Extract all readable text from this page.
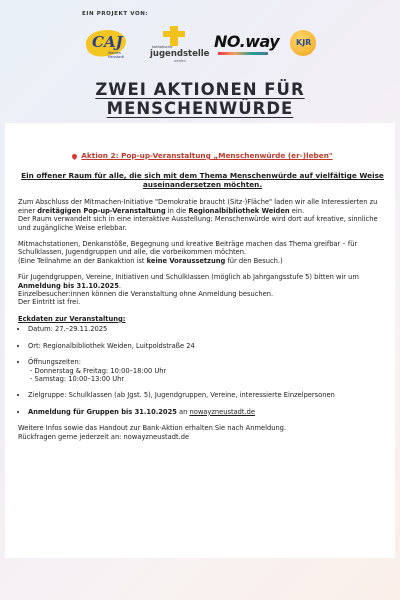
EIN PROJEKT VON:
CAJ
Weiden Neustadt
katholische
jugendstelle
weiden
NO.way KJR
ZWEI AKTIONEN FÜR MENSCHENWÜRDE
Aktion 2: Pop-up-Veranstaltung „Menschenwürde (er-)leben"
Ein offener Raum für alle, die sich mit dem Thema Menschenwürde auf vielfältige Weise auseinandersetzen möchten.

Zum Abschluss der Mitmachen-Initiative "Demokratie braucht (Sitz-)Fläche" laden wir alle Interessierten zu einer dreitägigen Pop-up-Veranstaltung in die Regionalbibliothek Weiden ein.
Der Raum verwandelt sich in eine interaktive Ausstellung: Menschenwürde wird dort auf kreative, sinnliche und zugängliche Weise erlebbar.

Mitmachstationen, Denkanstöße, Begegnung und kreative Beiträge machen das Thema greifbar – für Schulklassen, Jugendgruppen und alle, die vorbeikommen möchten.
(Eine Teilnahme an der Bankaktion ist keine Voraussetzung für den Besuch.)

Für Jugendgruppen, Vereine, Initiativen und Schulklassen (möglich ab Jahrgangsstufe 5) bitten wir um Anmeldung bis 31.10.2025.
Einzelbesucher:innen können die Veranstaltung ohne Anmeldung besuchen.
Der Eintritt ist frei.

Eckdaten zur Veranstaltung:
• Datum: 27.–29.11.2025
• Ort: Regionalbibliothek Weiden, Luitpoldstraße 24
• Öffnungszeiten:
- Donnerstag & Freitag: 10:00–18:00 Uhr
- Samstag: 10:00–13:00 Uhr
• Zielgruppe: Schulklassen (ab Jgst. 5), Jugendgruppen, Vereine, interessierte Einzelpersonen
• Anmeldung für Gruppen bis 31.10.2025 an nowayzneustadt.de

Weitere Infos sowie das Handout zur Bank-Aktion erhalten Sie nach Anmeldung.
Rückfragen gerne jederzeit an: nowayzneustadt.de
